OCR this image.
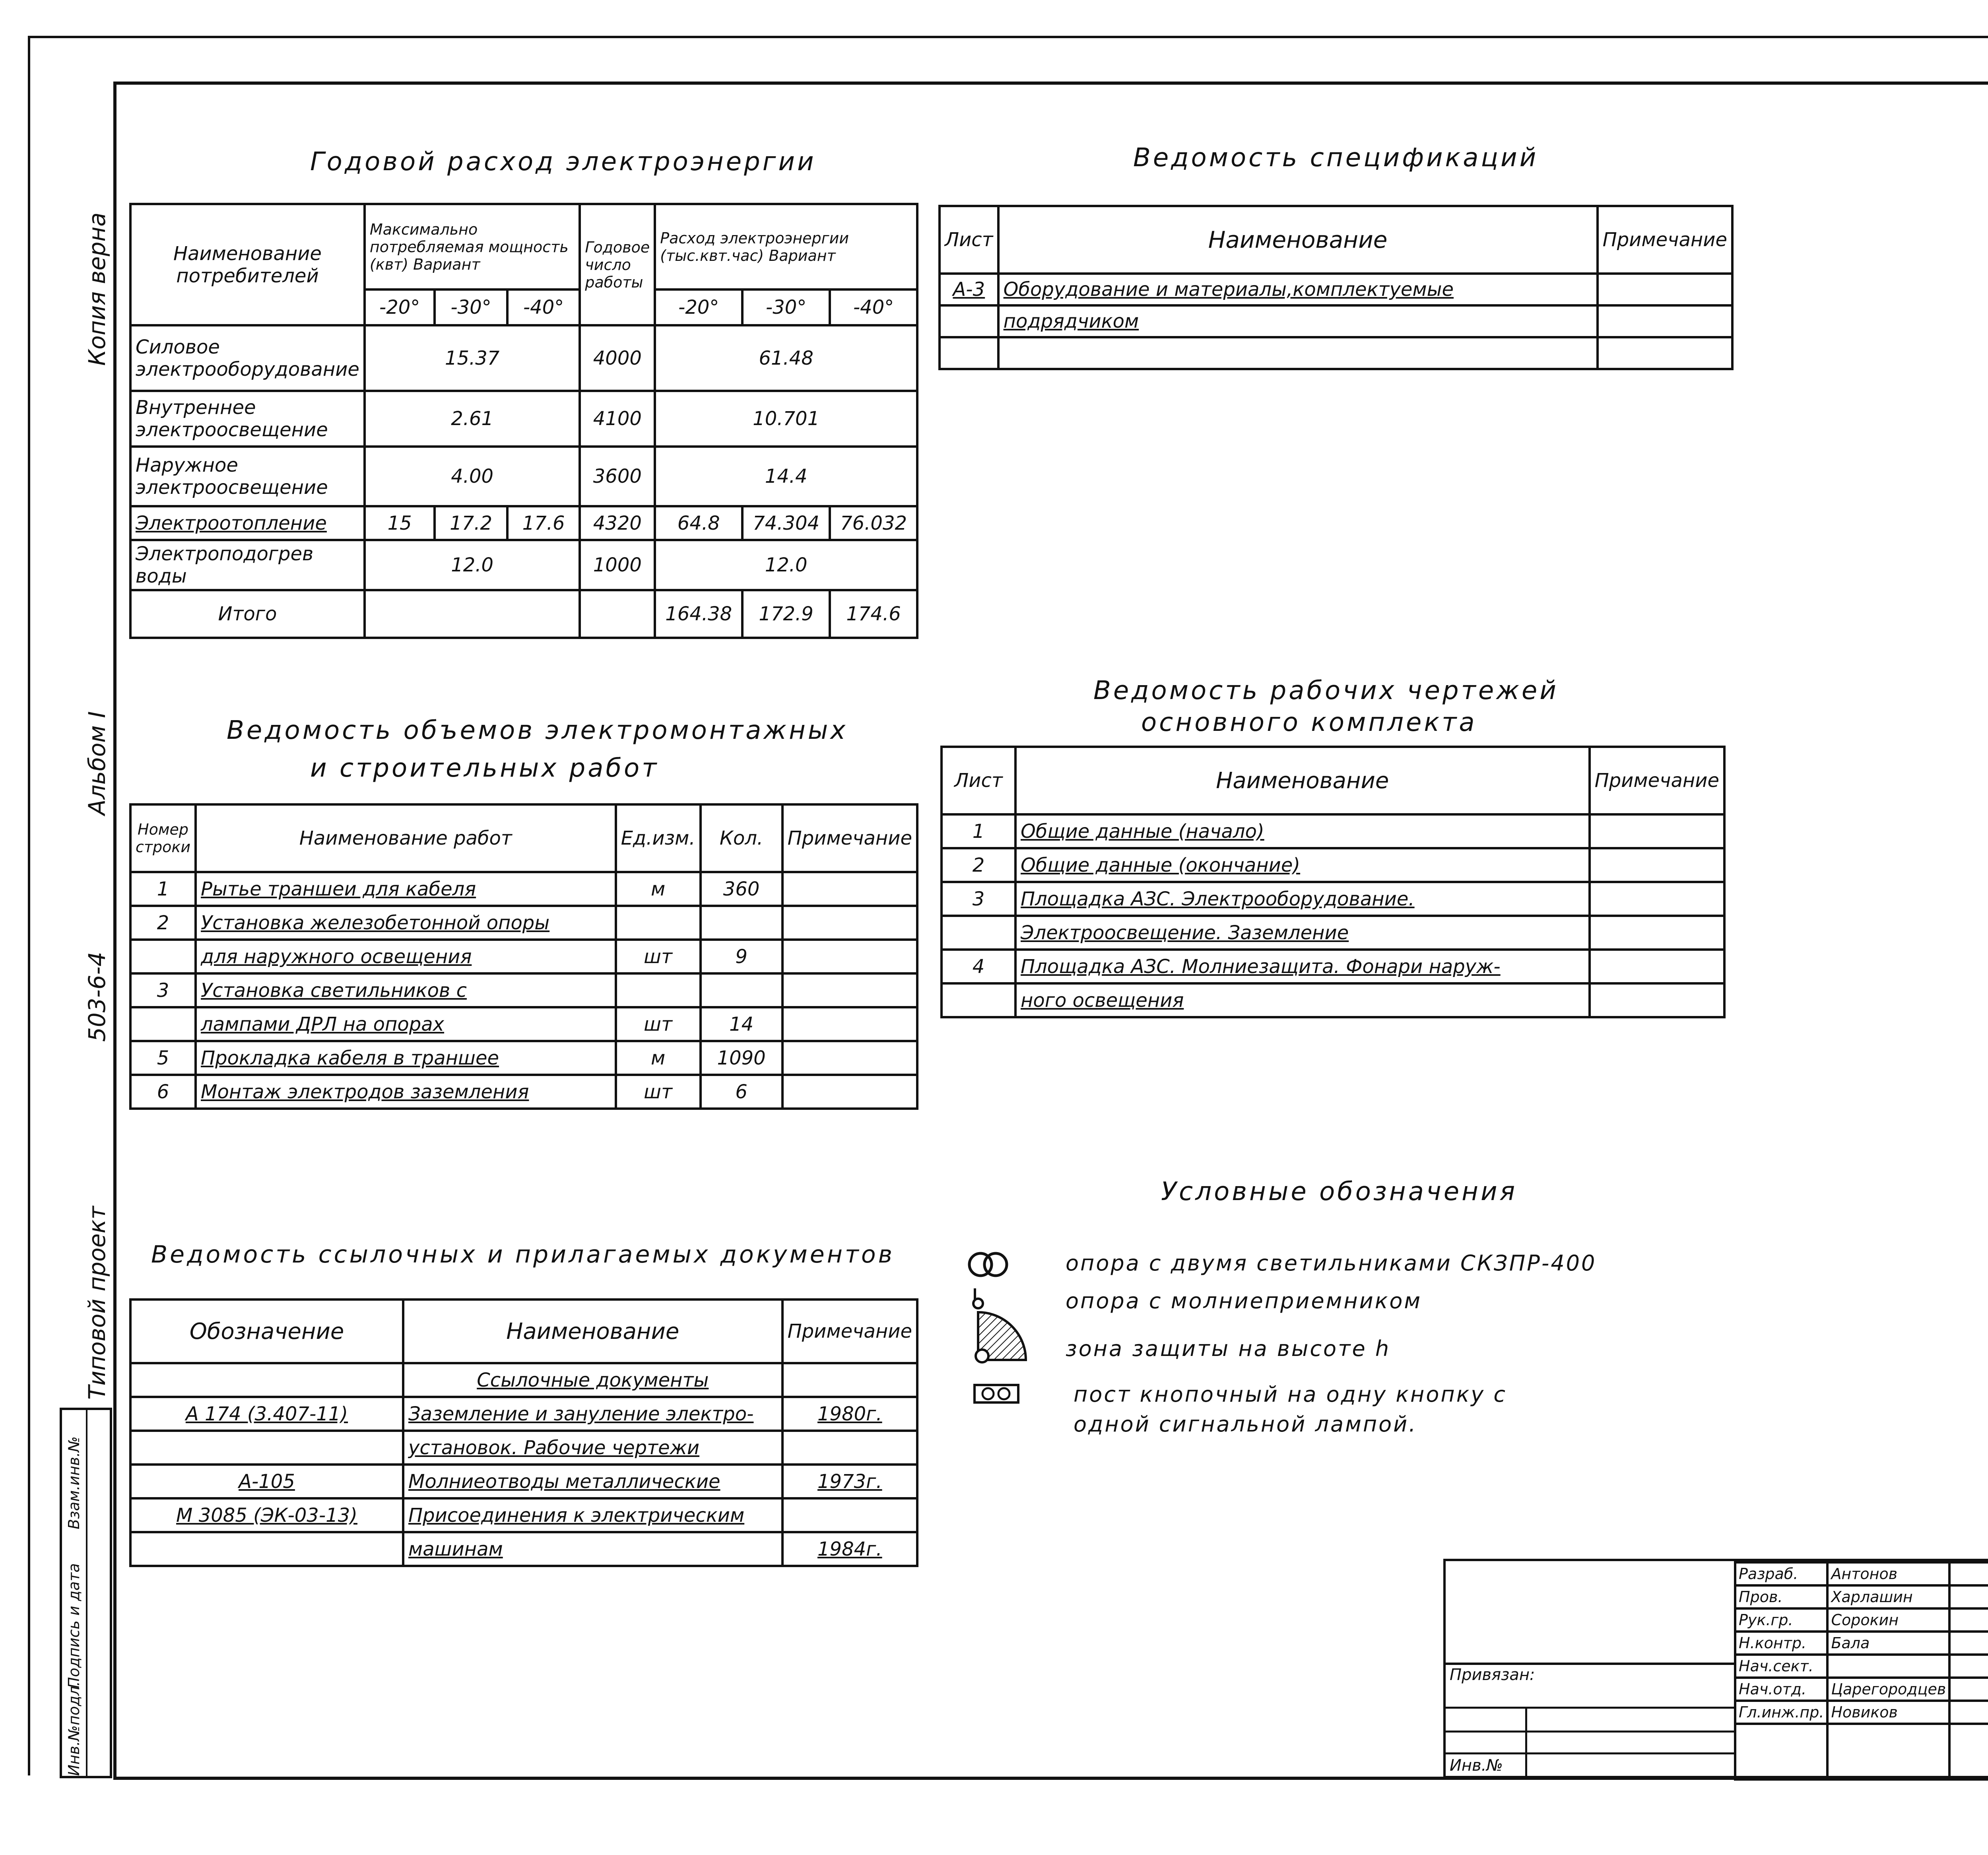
Копия верна
Альбом I
503-6-4
Типовой проект
Инв.№подл.
Подпись и дата
Взам.инв.№
Годовой расход электроэнергии
Наименование потребителей	Максимально потребляемая мощность (квт) Вариант			Годовое число работы	Расход электроэнергии (тыс.квт.час) Вариант		
	-20°	-30°	-40°		-20°	-30°	-40°
Силовое электрооборудование	15.37			4000	61.48		
Внутреннее электроосвещение	2.61			4100	10.701		
Наружное электроосвещение	4.00			3600	14.4		
Электроотопление	15	17.2	17.6	4320	64.8	74.304	76.032
Электроподогрев воды	12.0			1000	12.0		
Итого					164.38	172.9	174.6
Ведомость спецификаций
Лист	Наименование	Примечание
А-3	Оборудование и материалы,комплектуемые	
	подрядчиком	

Ведомость объемов электромонтажных
и строительных работ
Номер строки	Наименование работ	Ед.изм.	Кол.	Примечание
1	Рытье траншеи для кабеля	м	360	
2	Установка железобетонной опоры			
	для наружного освещения	шт	9	
3	Установка светильников с			
	лампами ДРЛ на опорах	шт	14	
5	Прокладка кабеля в траншее	м	1090	
6	Монтаж электродов заземления	шт	6	
Ведомость рабочих чертежей
основного комплекта
Лист	Наименование	Примечание
1	Общие данные (начало)	
2	Общие данные (окончание)	
3	Площадка АЗС. Электрооборудование.	
	Электроосвещение. Заземление	
4	Площадка АЗС. Молниезащита. Фонари наруж-	
	ного освещения	
Ведомость ссылочных и прилагаемых документов
Обозначение	Наименование	Примечание
	Ссылочные документы	
А 174 (3.407-11)	Заземление и зануление электро-	1980г.
	установок. Рабочие чертежи	
А-105	Молниеотводы металлические	1973г.
М 3085 (ЭК-03-13)	Присоединения к электрическим	
	машинам	1984г.
Условные обозначения
опора с двумя светильниками СКЗПР-400
опора с молниеприемником
зона защиты на высоте h
пост кнопочный на одну кнопку с
одной сигнальной лампой.
Привязан:
Инв.№
Разраб.	Антонов		
Пров.	Харлашин		
Рук.гр.	Сорокин		
Н.контр.	Бала		
Нач.сект.			
Нач.отд.	Царегородцев		
Гл.инж.пр.	Новиков		
